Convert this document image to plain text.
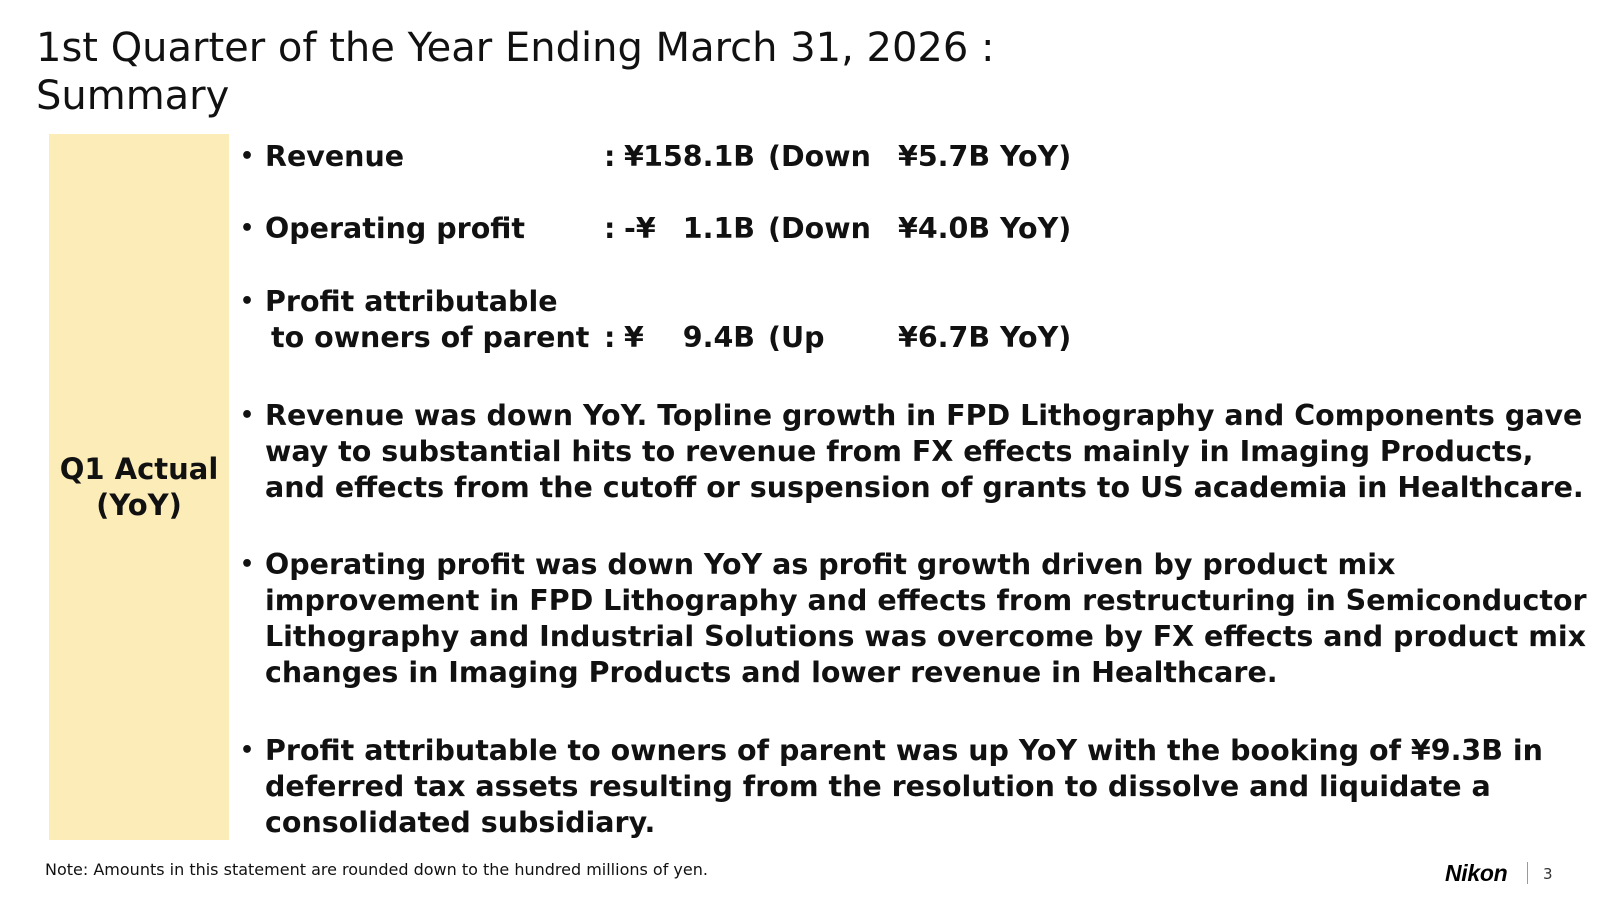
1st Quarter of the Year Ending March 31, 2026 :
Summary
Q1 Actual
(YoY)
• Revenue	: ¥ 158.1B (Down ¥5.7B YoY)
• Operating profit	: -¥ 1.1B (Down ¥4.0B YoY)
• Profit attributable
to owners of parent : ¥	9.4B (Up	¥6.7B YoY)
• Revenue was down YoY. Topline growth in FPD Lithography and Components gave
way to substantial hits to revenue from FX effects mainly in Imaging Products,
and effects from the cutoff or suspension of grants to US academia in Healthcare.
• Operating profit was down YoY as profit growth driven by product mix
improvement in FPD Lithography and effects from restructuring in Semiconductor
Lithography and Industrial Solutions was overcome by FX effects and product mix
changes in Imaging Products and lower revenue in Healthcare.
• Profit attributable to owners of parent was up YoY with the booking of ¥9.3B in
deferred tax assets resulting from the resolution to dissolve and liquidate a
consolidated subsidiary.
Note: Amounts in this statement are rounded down to the hundred millions of yen.	Nikon 3
